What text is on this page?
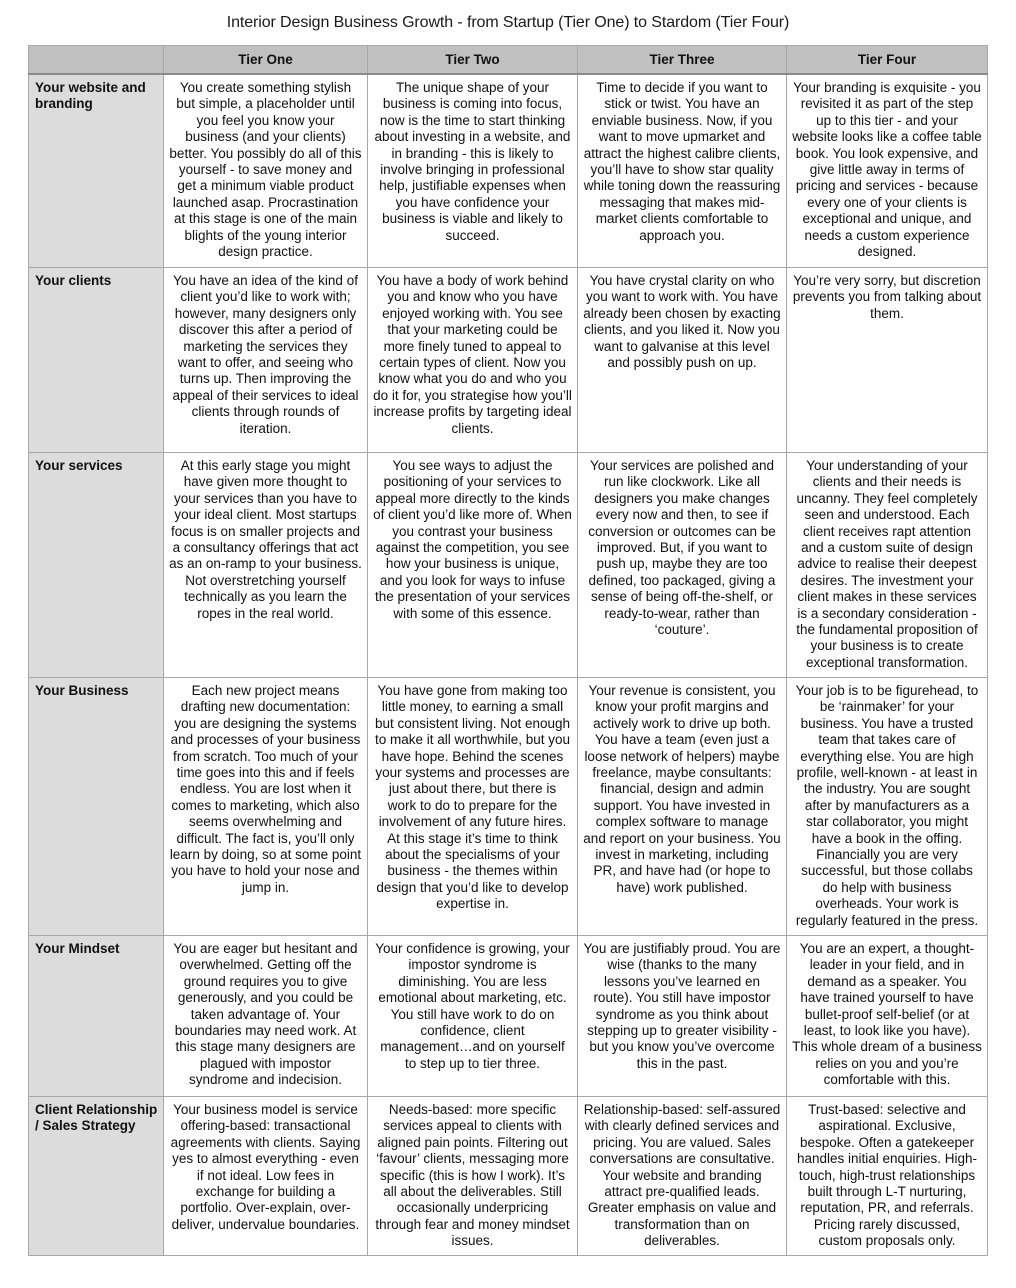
Interior Design Business Growth - from Startup (Tier One) to Stardom (Tier Four)
	Tier One	Tier Two	Tier Three	Tier Four
Your website and branding	You create something stylish but simple, a placeholder until you feel you know your business (and your clients) better. You possibly do all of this yourself - to save money and get a minimum viable product launched asap. Procrastination at this stage is one of the main blights of the young interior design practice.	The unique shape of your business is coming into focus, now is the time to start thinking about investing in a website, and in branding - this is likely to involve bringing in professional help, justifiable expenses when you have confidence your business is viable and likely to succeed.	Time to decide if you want to stick or twist. You have an enviable business. Now, if you want to move upmarket and attract the highest calibre clients, you’ll have to show star quality while toning down the reassuring messaging that makes mid-market clients comfortable to approach you.	Your branding is exquisite - you revisited it as part of the step up to this tier - and your website looks like a coffee table book. You look expensive, and give little away in terms of pricing and services - because every one of your clients is exceptional and unique, and needs a custom experience designed.
Your clients	You have an idea of the kind of client you’d like to work with; however, many designers only discover this after a period of marketing the services they want to offer, and seeing who turns up. Then improving the appeal of their services to ideal clients through rounds of iteration.	You have a body of work behind you and know who you have enjoyed working with. You see that your marketing could be more finely tuned to appeal to certain types of client. Now you know what you do and who you do it for, you strategise how you’ll increase profits by targeting ideal clients.	You have crystal clarity on who you want to work with. You have already been chosen by exacting clients, and you liked it. Now you want to galvanise at this level and possibly push on up.	You’re very sorry, but discretion prevents you from talking about them.
Your services	At this early stage you might have given more thought to your services than you have to your ideal client. Most startups focus is on smaller projects and a consultancy offerings that act as an on-ramp to your business. Not overstretching yourself technically as you learn the ropes in the real world.	You see ways to adjust the positioning of your services to appeal more directly to the kinds of client you’d like more of. When you contrast your business against the competition, you see how your business is unique, and you look for ways to infuse the presentation of your services with some of this essence.	Your services are polished and run like clockwork. Like all designers you make changes every now and then, to see if conversion or outcomes can be improved. But, if you want to push up, maybe they are too defined, too packaged, giving a sense of being off-the-shelf, or ready-to-wear, rather than ‘couture’.	Your understanding of your clients and their needs is uncanny. They feel completely seen and understood. Each client receives rapt attention and a custom suite of design advice to realise their deepest desires. The investment your client makes in these services is a secondary consideration - the fundamental proposition of your business is to create exceptional transformation.
Your Business	Each new project means drafting new documentation: you are designing the systems and processes of your business from scratch. Too much of your time goes into this and if feels endless. You are lost when it comes to marketing, which also seems overwhelming and difficult. The fact is, you’ll only learn by doing, so at some point you have to hold your nose and jump in.	You have gone from making too little money, to earning a small but consistent living. Not enough to make it all worthwhile, but you have hope. Behind the scenes your systems and processes are just about there, but there is work to do to prepare for the involvement of any future hires. At this stage it’s time to think about the specialisms of your business - the themes within design that you’d like to develop expertise in.	Your revenue is consistent, you know your profit margins and actively work to drive up both. You have a team (even just a loose network of helpers) maybe freelance, maybe consultants: financial, design and admin support. You have invested in complex software to manage and report on your business. You invest in marketing, including PR, and have had (or hope to have) work published.	Your job is to be figurehead, to be ‘rainmaker’ for your business. You have a trusted team that takes care of everything else. You are high profile, well-known - at least in the industry. You are sought after by manufacturers as a star collaborator, you might have a book in the offing. Financially you are very successful, but those collabs do help with business overheads. Your work is regularly featured in the press.
Your Mindset	You are eager but hesitant and overwhelmed. Getting off the ground requires you to give generously, and you could be taken advantage of. Your boundaries may need work. At this stage many designers are plagued with impostor syndrome and indecision.	Your confidence is growing, your impostor syndrome is diminishing. You are less emotional about marketing, etc. You still have work to do on confidence, client management…and on yourself to step up to tier three.	You are justifiably proud. You are wise (thanks to the many lessons you’ve learned en route). You still have impostor syndrome as you think about stepping up to greater visibility - but you know you’ve overcome this in the past.	You are an expert, a thought-leader in your field, and in demand as a speaker. You have trained yourself to have bullet-proof self-belief (or at least, to look like you have). This whole dream of a business relies on you and you’re comfortable with this.
Client Relationship / Sales Strategy	Your business model is service offering-based: transactional agreements with clients. Saying yes to almost everything - even if not ideal. Low fees in exchange for building a portfolio. Over-explain, over-deliver, undervalue boundaries.	Needs-based: more specific services appeal to clients with aligned pain points. Filtering out ‘favour’ clients, messaging more specific (this is how I work). It’s all about the deliverables. Still occasionally underpricing through fear and money mindset issues.	Relationship-based: self-assured with clearly defined services and pricing. You are valued. Sales conversations are consultative. Your website and branding attract pre-qualified leads. Greater emphasis on value and transformation than on deliverables.	Trust-based: selective and aspirational. Exclusive, bespoke. Often a gatekeeper handles initial enquiries. High-touch, high-trust relationships built through L-T nurturing, reputation, PR, and referrals. Pricing rarely discussed, custom proposals only.
